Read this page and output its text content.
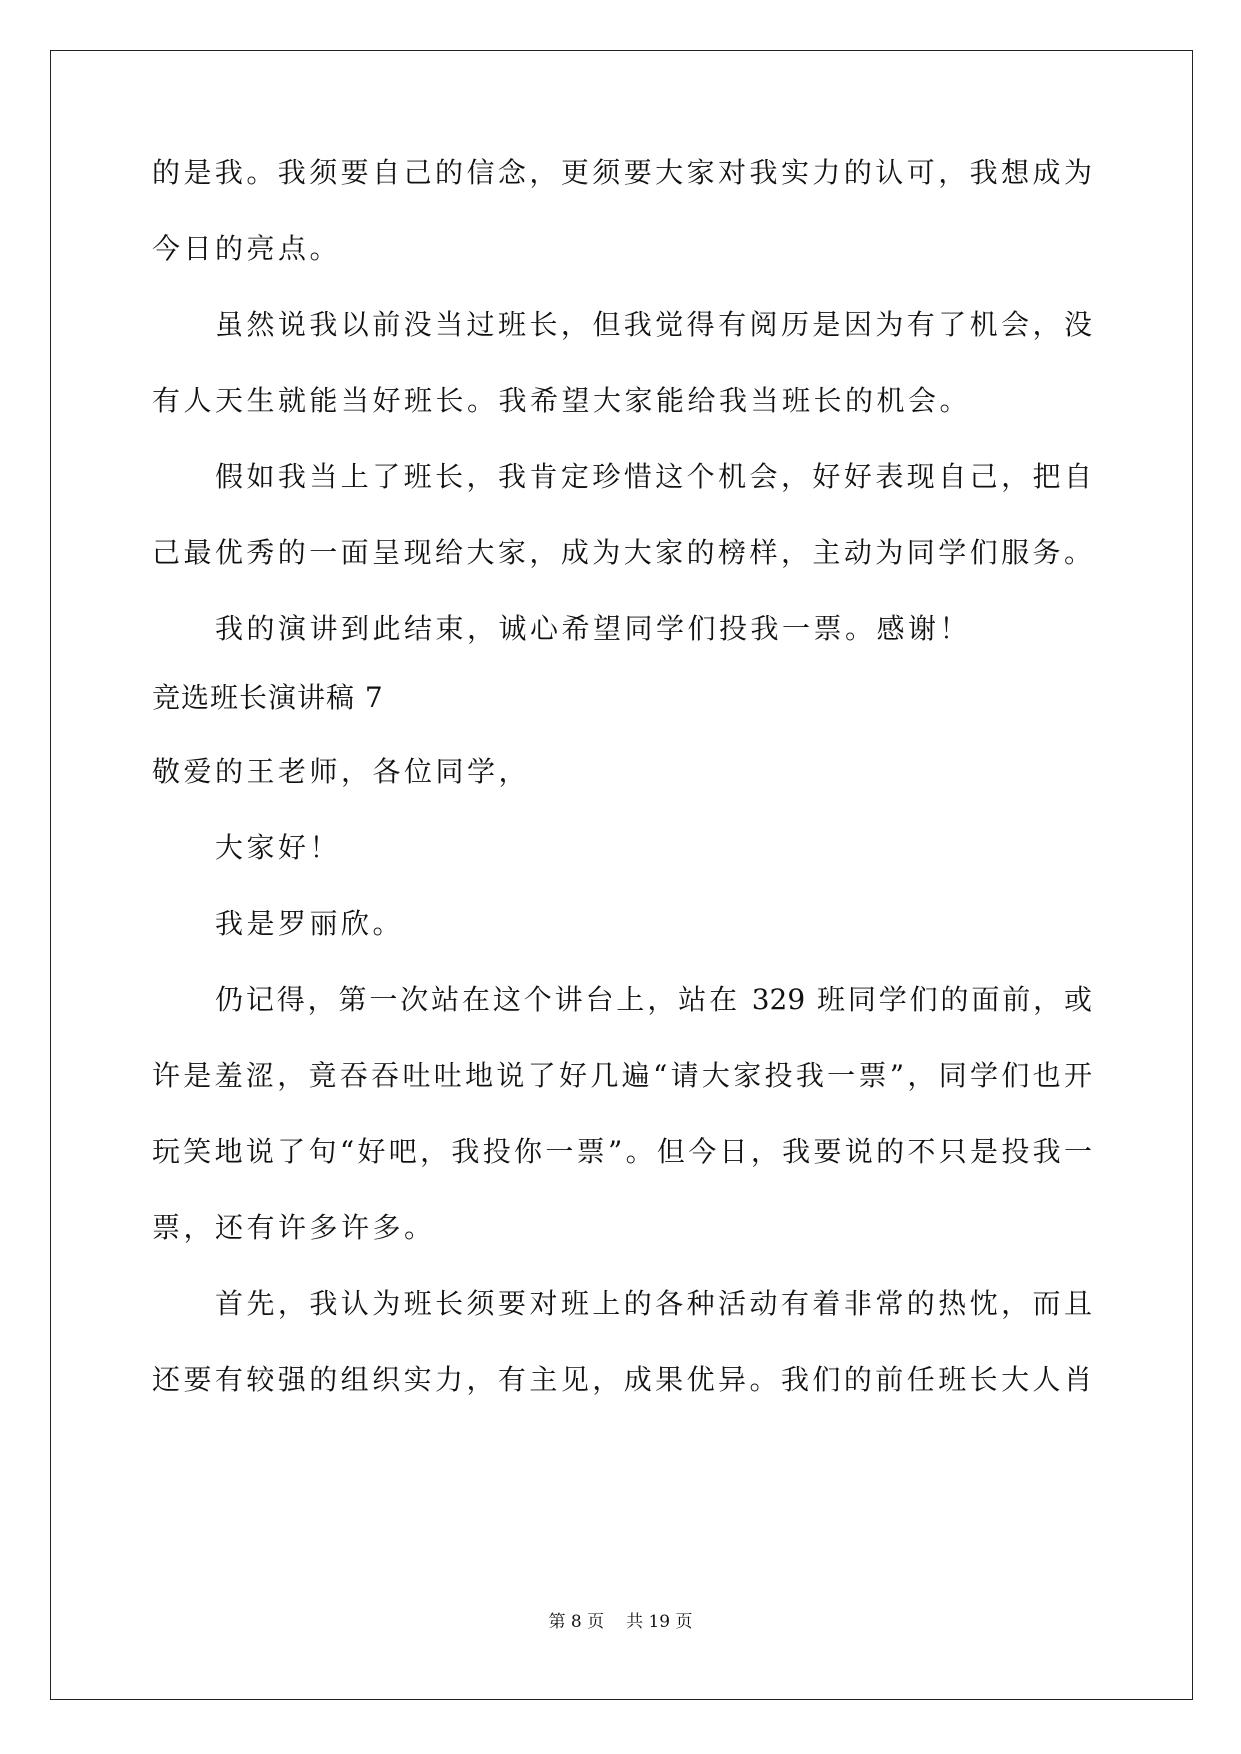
的是我。我须要自己的信念，更须要大家对我实力的认可，我想成为
今日的亮点。
虽然说我以前没当过班长，但我觉得有阅历是因为有了机会，没
有人天生就能当好班长。我希望大家能给我当班长的机会。
假如我当上了班长，我肯定珍惜这个机会，好好表现自己，把自
己最优秀的一面呈现给大家，成为大家的榜样，主动为同学们服务。
我的演讲到此结束，诚心希望同学们投我一票。感谢！
竞选班长演讲稿 7
敬爱的王老师，各位同学，
大家好！
我是罗丽欣。
仍记得，第一次站在这个讲台上，站在 329 班同学们的面前，或
许是羞涩，竟吞吞吐吐地说了好几遍“请大家投我一票”，同学们也开
玩笑地说了句“好吧，我投你一票”。但今日，我要说的不只是投我一
票，还有许多许多。
首先，我认为班长须要对班上的各种活动有着非常的热忱，而且
还要有较强的组织实力，有主见，成果优异。我们的前任班长大人肖
第 8 页 共 19 页
